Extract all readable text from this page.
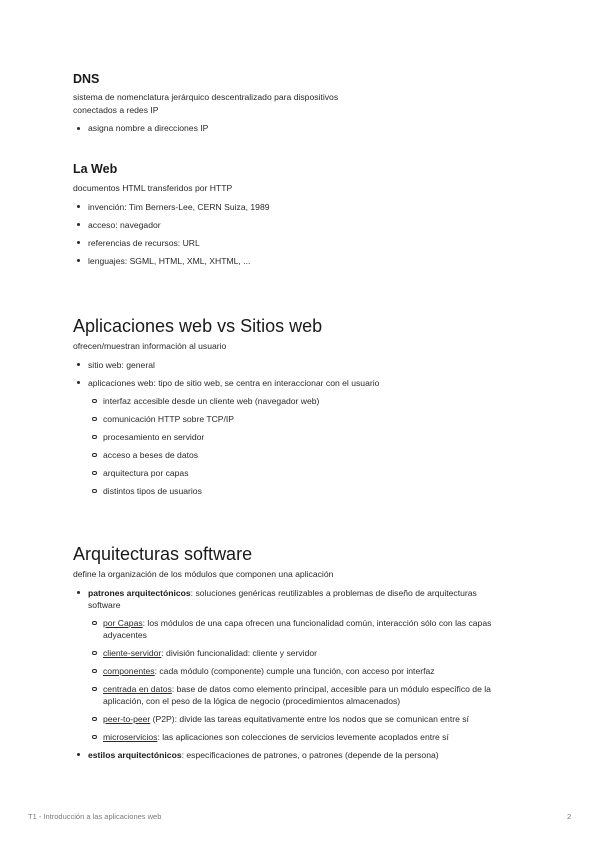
DNS

sistema de nomenclatura jerárquico descentralizado para dispositivos
conectados a redes IP

asigna nombre a direcciones IP
La Web

documentos HTML transferidos por HTTP

invención: Tim Berners-Lee, CERN Suiza, 1989
acceso: navegador
referencias de recursos: URL
lenguajes: SGML, HTML, XML, XHTML, ...
Aplicaciones web vs Sitios web

ofrecen/muestran información al usuario

sitio web: general
aplicaciones web: tipo de sitio web, se centra en interaccionar con el usuario
interfaz accesible desde un cliente web (navegador web)
comunicación HTTP sobre TCP/IP
procesamiento en servidor
acceso a beses de datos
arquitectura por capas
distintos tipos de usuarios
Arquitecturas software

define la organización de los módulos que componen una aplicación

patrones arquitectónicos: soluciones genéricas reutilizables a problemas de diseño de arquitecturas
software
por Capas: los módulos de una capa ofrecen una funcionalidad común, interacción sólo con las capas
adyacentes
cliente-servidor: división funcionalidad: cliente y servidor
componentes: cada módulo (componente) cumple una función, con acceso por interfaz
centrada en datos: base de datos como elemento principal, accesible para un módulo específico de la
aplicación, con el peso de la lógica de negocio (procedimientos almacenados)
peer-to-peer (P2P): divide las tareas equitativamente entre los nodos que se comunican entre sí
microservicios: las aplicaciones son colecciones de servicios levemente acoplados entre sí
estilos arquitectónicos: especificaciones de patrones, o patrones (depende de la persona)
T1 - Introducción a las aplicaciones web	2
